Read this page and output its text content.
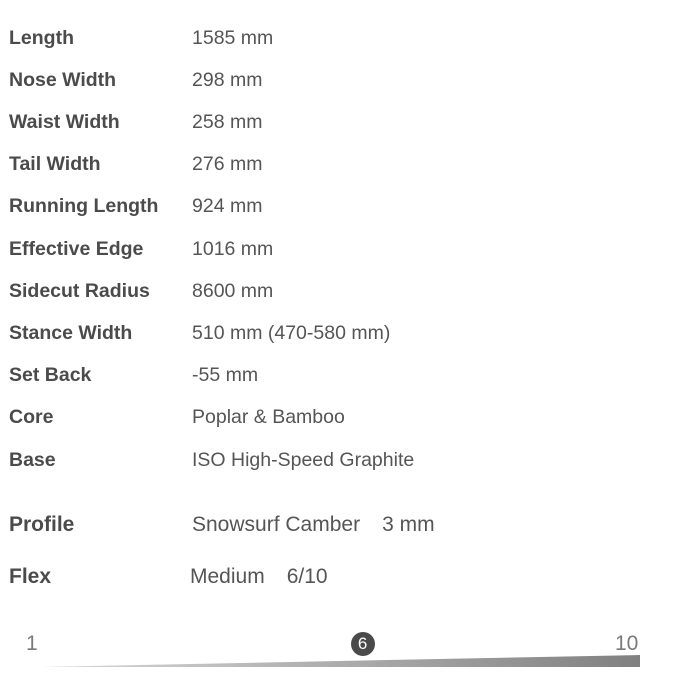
Length	1585 mm
Nose Width	298 mm
Waist Width	258 mm
Tail Width	276 mm
Running Length 924 mm
Effective Edge 1016 mm
Sidecut Radius 8600 mm
Stance Width	510 mm (470-580 mm)
Set Back	-55 mm
Core	Poplar & Bamboo
Base	ISO High-Speed Graphite
Profile	Snowsurf Camber 3 mm
Flex	Medium 6/10
1	6	10
